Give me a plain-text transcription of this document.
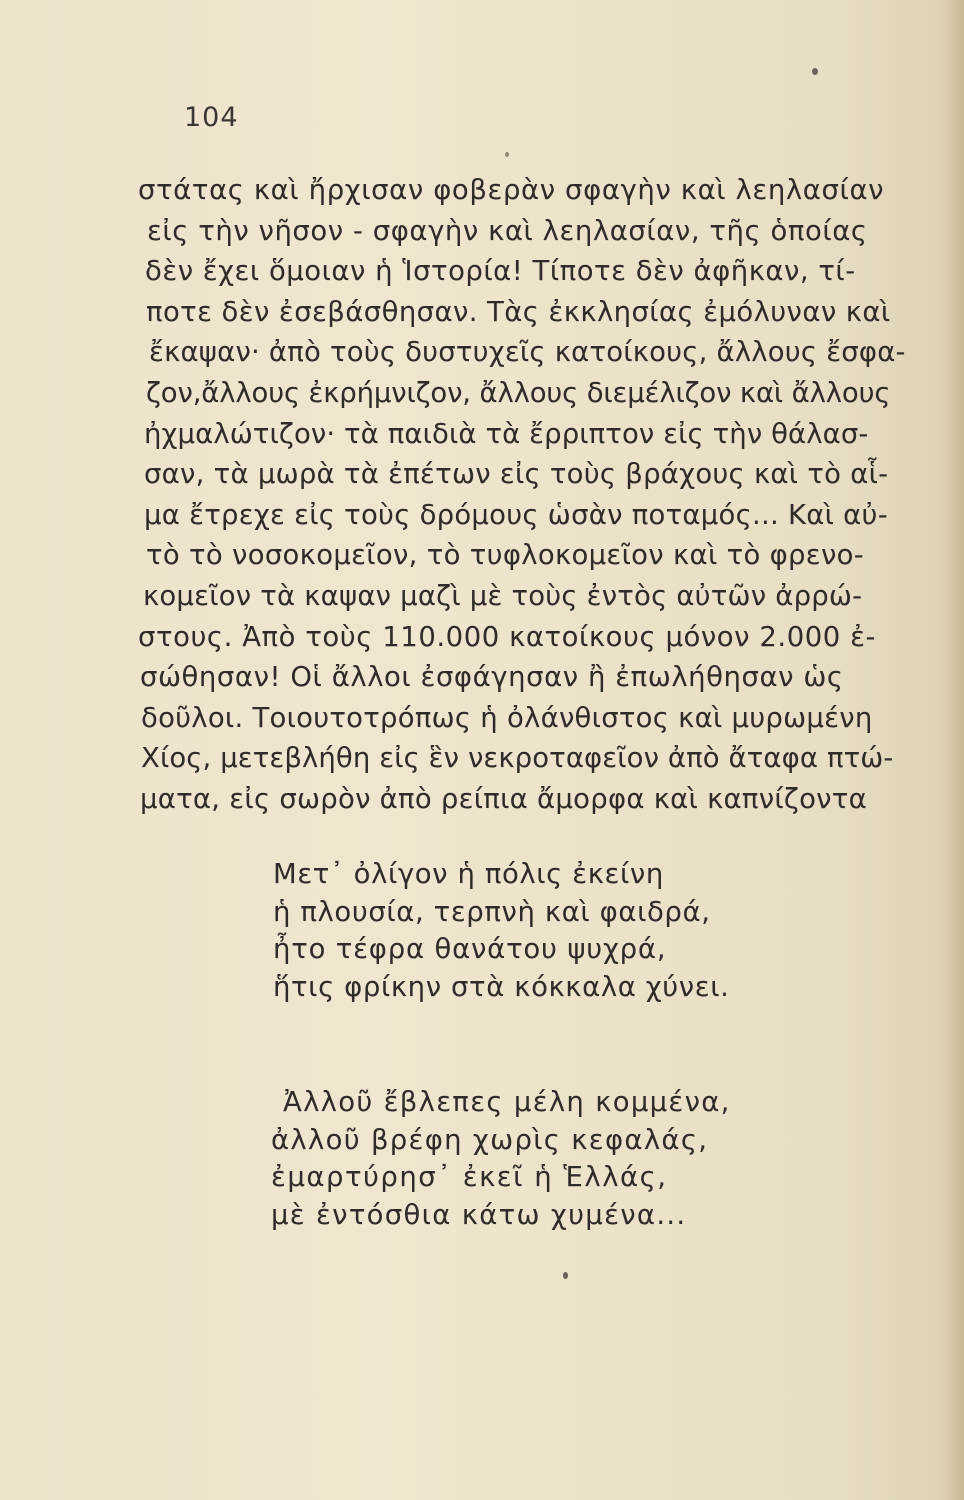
104
στάτας καὶ ἤρχισαν φοβερὰν σφαγὴν καὶ λεηλασίαν
εἰς τὴν νῆσον - σφαγὴν καὶ λεηλασίαν, τῆς ὁποίας
δὲν ἔχει ὅμοιαν ἡ Ἱστορία! Τίποτε δὲν ἀφῆκαν, τί-
ποτε δὲν ἐσεβάσθησαν. Τὰς ἐκκλησίας ἐμόλυναν καὶ
ἔκαψαν· ἀπὸ τοὺς δυστυχεῖς κατοίκους, ἄλλους ἔσφα-
ζον,ἄλλους ἐκρήμνιζον, ἄλλους διεμέλιζον καὶ ἄλλους
ἠχμαλώτιζον· τὰ παιδιὰ τὰ ἔρριπτον εἰς τὴν θάλασ-
σαν, τὰ μωρὰ τὰ ἐπέτων εἰς τοὺς βράχους καὶ τὸ αἷ-
μα ἔτρεχε εἰς τοὺς δρόμους ὡσὰν ποταμός... Καὶ αὐ-
τὸ τὸ νοσοκομεῖον, τὸ τυφλοκομεῖον καὶ τὸ φρενο-
κομεῖον τὰ καψαν μαζὶ μὲ τοὺς ἐντὸς αὐτῶν ἀρρώ-
στους. Ἀπὸ τοὺς 110.000 κατοίκους μόνον 2.000 ἐ-
σώθησαν! Οἱ ἄλλοι ἐσφάγησαν ἢ ἐπωλήθησαν ὡς
δοῦλοι. Τοιουτοτρόπως ἡ ὀλάνθιστος καὶ μυρωμένη
Χίος, μετεβλήθη εἰς ἓν νεκροταφεῖον ἀπὸ ἄταφα πτώ-
ματα, εἰς σωρὸν ἀπὸ ρείπια ἄμορφα καὶ καπνίζοντα
Μετ᾽ ὀλίγον ἡ πόλις ἐκείνη
ἡ πλουσία, τερπνὴ καὶ φαιδρά,
ἦτο τέφρα θανάτου ψυχρά,
ἥτις φρίκην στὰ κόκκαλα χύνει.
Ἀλλοῦ ἔβλεπες μέλη κομμένα,
ἀλλοῦ βρέφη χωρὶς κεφαλάς,
ἐμαρτύρησ᾽ ἐκεῖ ἡ Ἑλλάς,
μὲ ἐντόσθια κάτω χυμένα...
